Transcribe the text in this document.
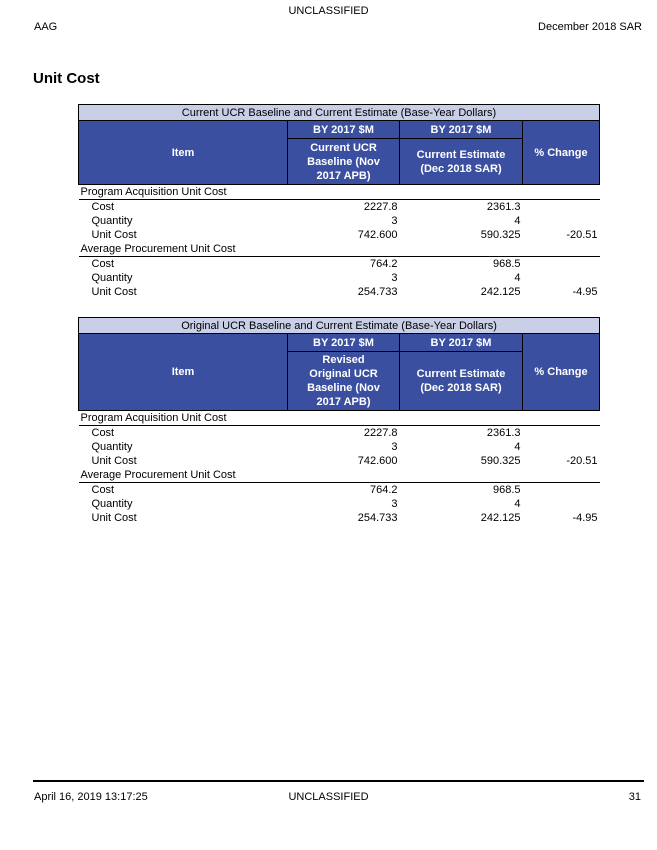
UNCLASSIFIED
AAG	December 2018 SAR
Unit Cost
Current UCR Baseline and Current Estimate (Base-Year Dollars)			
Item	BY 2017 $M	BY 2017 $M	% Change
	Current UCR Baseline (Nov 2017 APB)	Current Estimate (Dec 2018 SAR)	
Program Acquisition Unit Cost			
Cost	2227.8	2361.3	
Quantity	3	4	
Unit Cost	742.600	590.325	-20.51
Average Procurement Unit Cost			
Cost	764.2	968.5	
Quantity	3	4	
Unit Cost	254.733	242.125	-4.95
Original UCR Baseline and Current Estimate (Base-Year Dollars)			
Item	BY 2017 $M	BY 2017 $M	% Change
	Revised Original UCR Baseline (Nov 2017 APB)	Current Estimate (Dec 2018 SAR)	
Program Acquisition Unit Cost			
Cost	2227.8	2361.3	
Quantity	3	4	
Unit Cost	742.600	590.325	-20.51
Average Procurement Unit Cost			
Cost	764.2	968.5	
Quantity	3	4	
Unit Cost	254.733	242.125	-4.95
April 16, 2019 13:17:25	UNCLASSIFIED	31
